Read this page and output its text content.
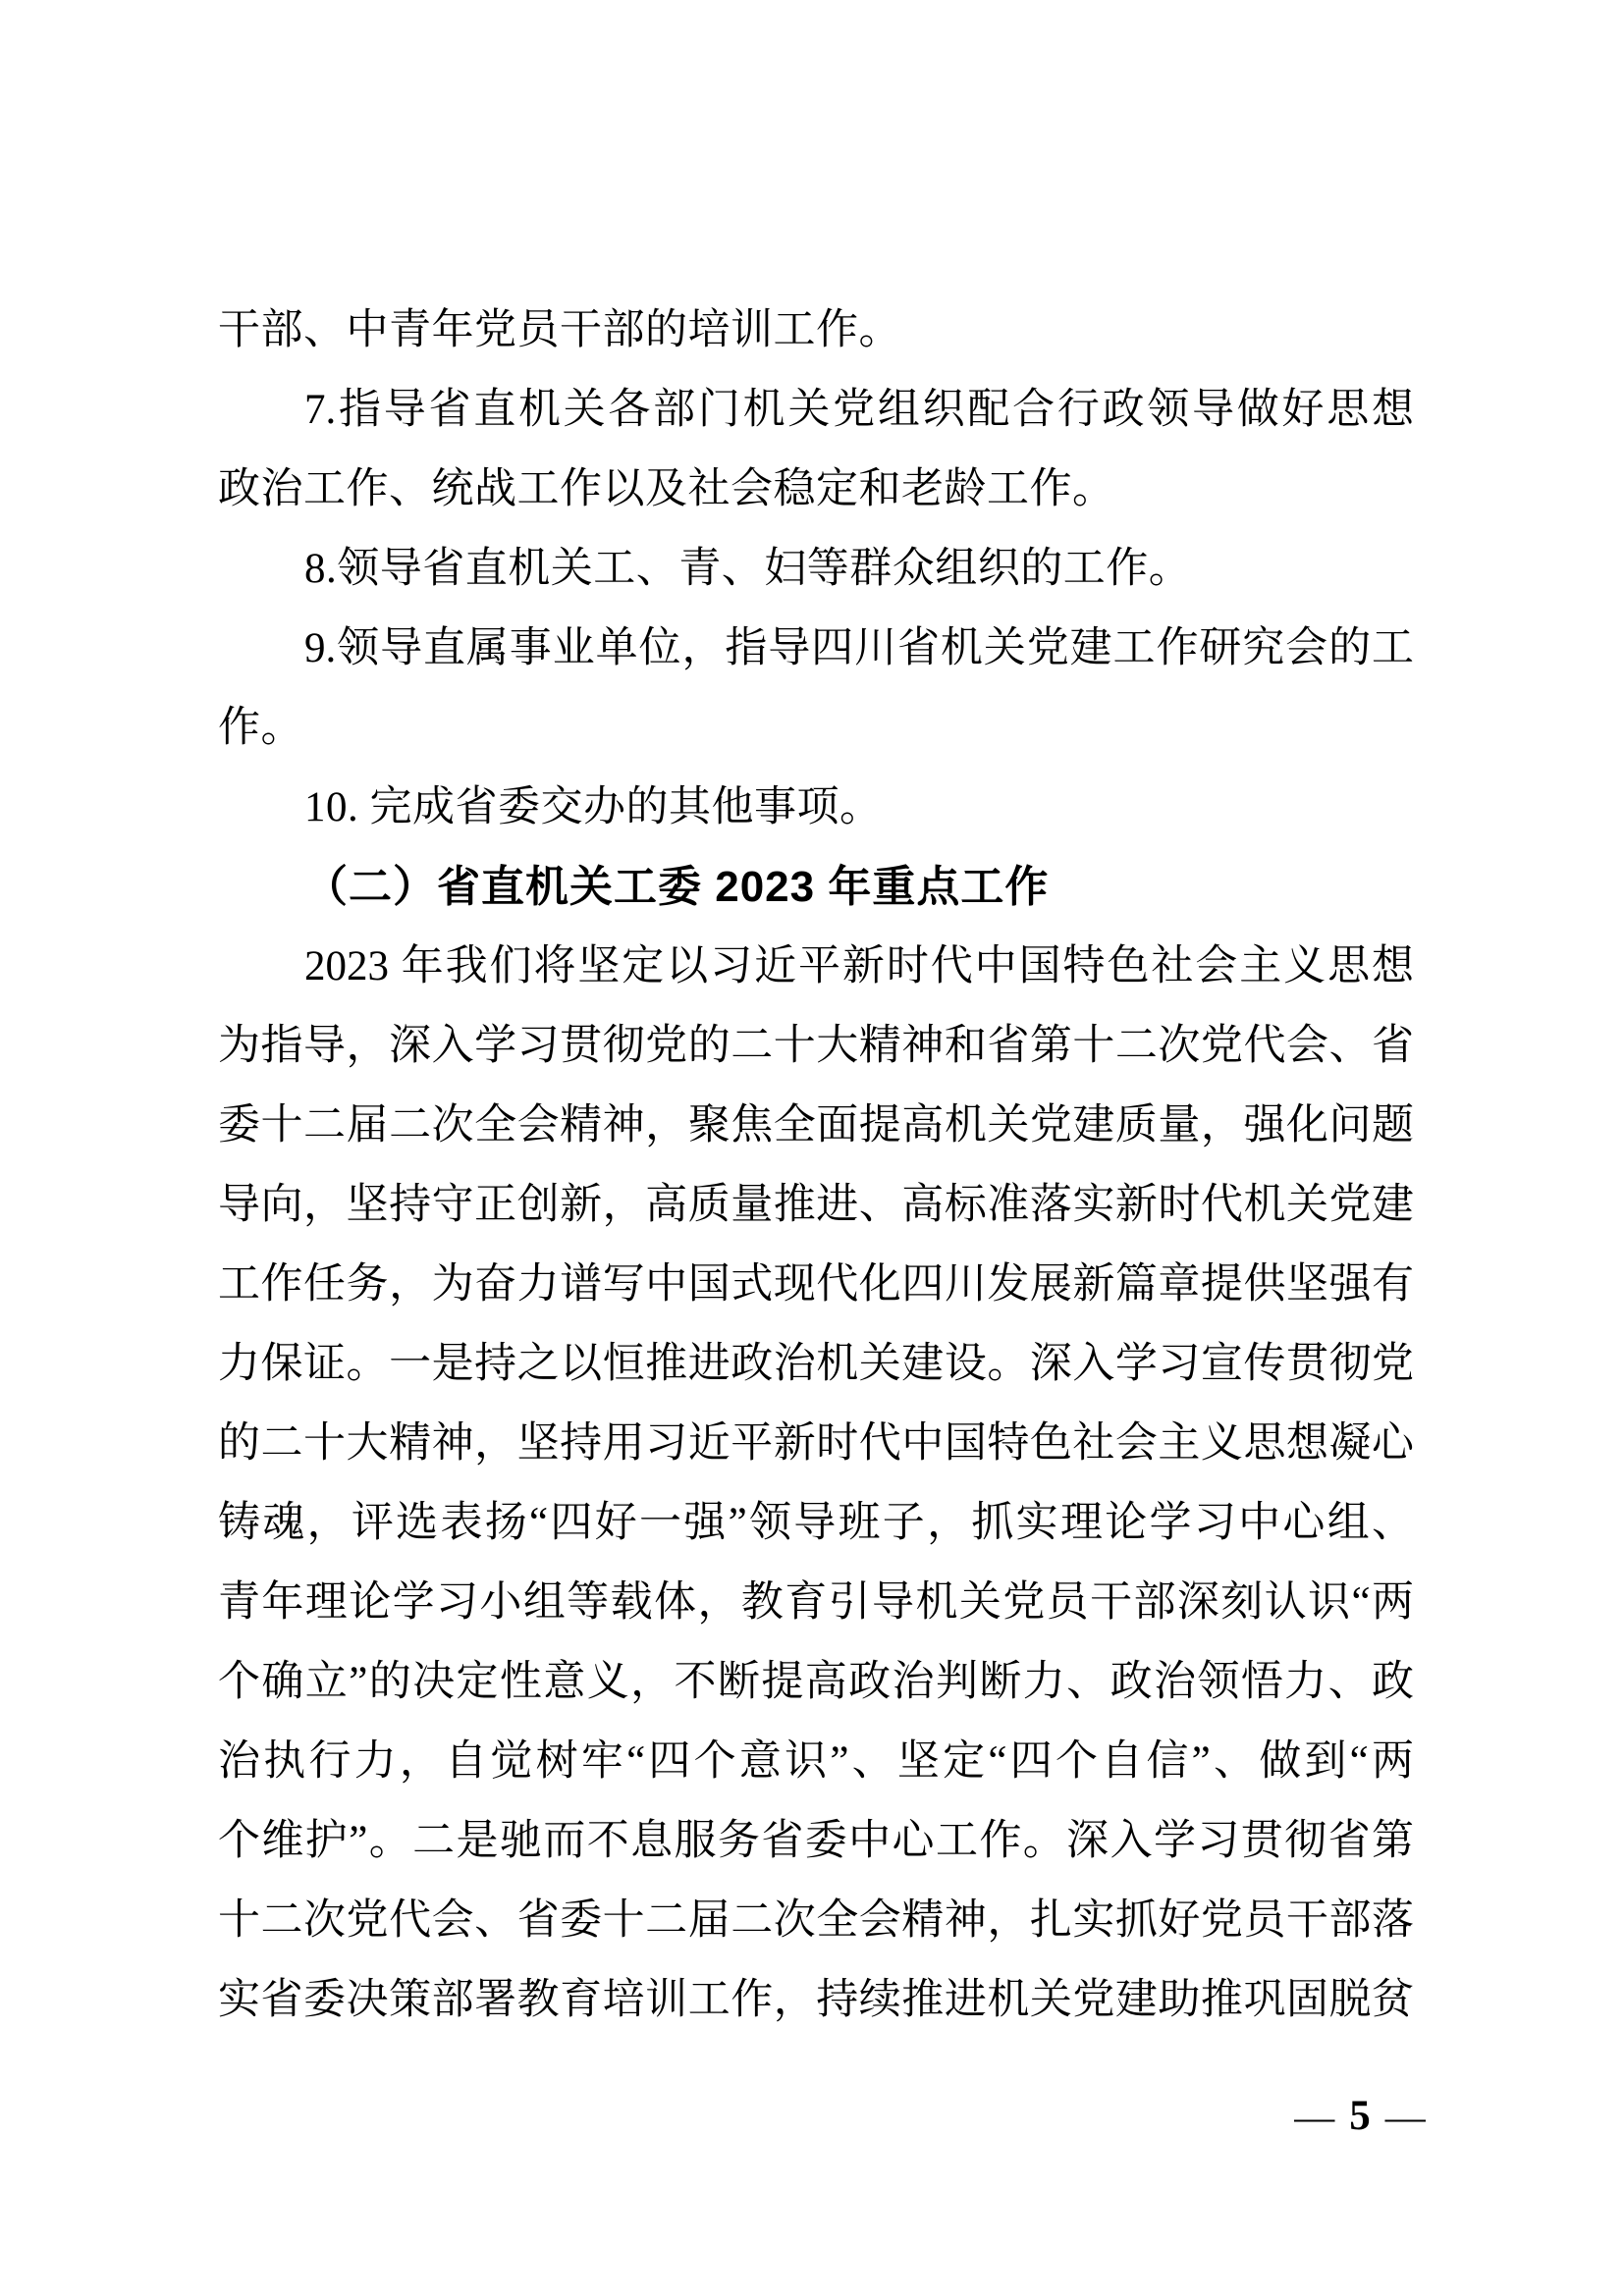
干部、中青年党员干部的培训工作。
7.指导省直机关各部门机关党组织配合行政领导做好思想
政治工作、统战工作以及社会稳定和老龄工作。
8.领导省直机关工、青、妇等群众组织的工作。
9.领导直属事业单位，指导四川省机关党建工作研究会的工
作。
10. 完成省委交办的其他事项。
（二）省直机关工委 2023 年重点工作
2023 年我们将坚定以习近平新时代中国特色社会主义思想
为指导，深入学习贯彻党的二十大精神和省第十二次党代会、省
委十二届二次全会精神，聚焦全面提高机关党建质量，强化问题
导向，坚持守正创新，高质量推进、高标准落实新时代机关党建
工作任务，为奋力谱写中国式现代化四川发展新篇章提供坚强有
力保证。一是持之以恒推进政治机关建设。深入学习宣传贯彻党
的二十大精神，坚持用习近平新时代中国特色社会主义思想凝心
铸魂，评选表扬“四好一强”领导班子，抓实理论学习中心组、
青年理论学习小组等载体，教育引导机关党员干部深刻认识“两
个确立”的决定性意义，不断提高政治判断力、政治领悟力、政
治执行力，自觉树牢“四个意识”、坚定“四个自信”、做到“两
个维护”。二是驰而不息服务省委中心工作。深入学习贯彻省第
十二次党代会、省委十二届二次全会精神，扎实抓好党员干部落
实省委决策部署教育培训工作，持续推进机关党建助推巩固脱贫
— 5 —
